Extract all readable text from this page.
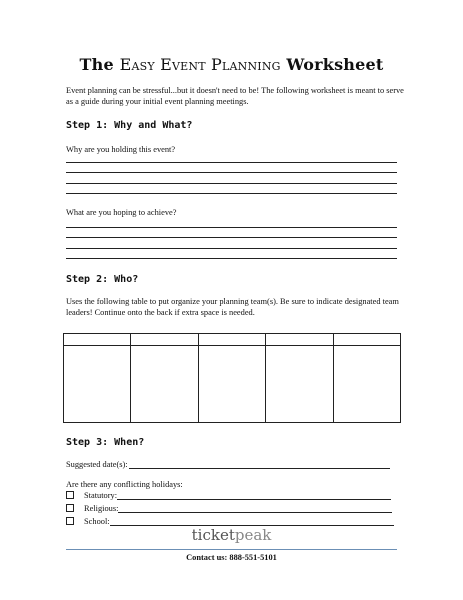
The Easy Event Planning Worksheet
Event planning can be stressful...but it doesn't need to be! The following worksheet is meant to serve as a guide during your initial event planning meetings.
Step 1: Why and What?
Why are you holding this event?
What are you hoping to achieve?
Step 2: Who?
Uses the following table to put organize your planning team(s). Be sure to indicate designated team leaders! Continue onto the back if extra space is needed.

Step 3: When?
Suggested date(s):
Are there any conflicting holidays:
Statutory:
Religious:
School:
ticketpeak
Contact us: 888-551-5101
